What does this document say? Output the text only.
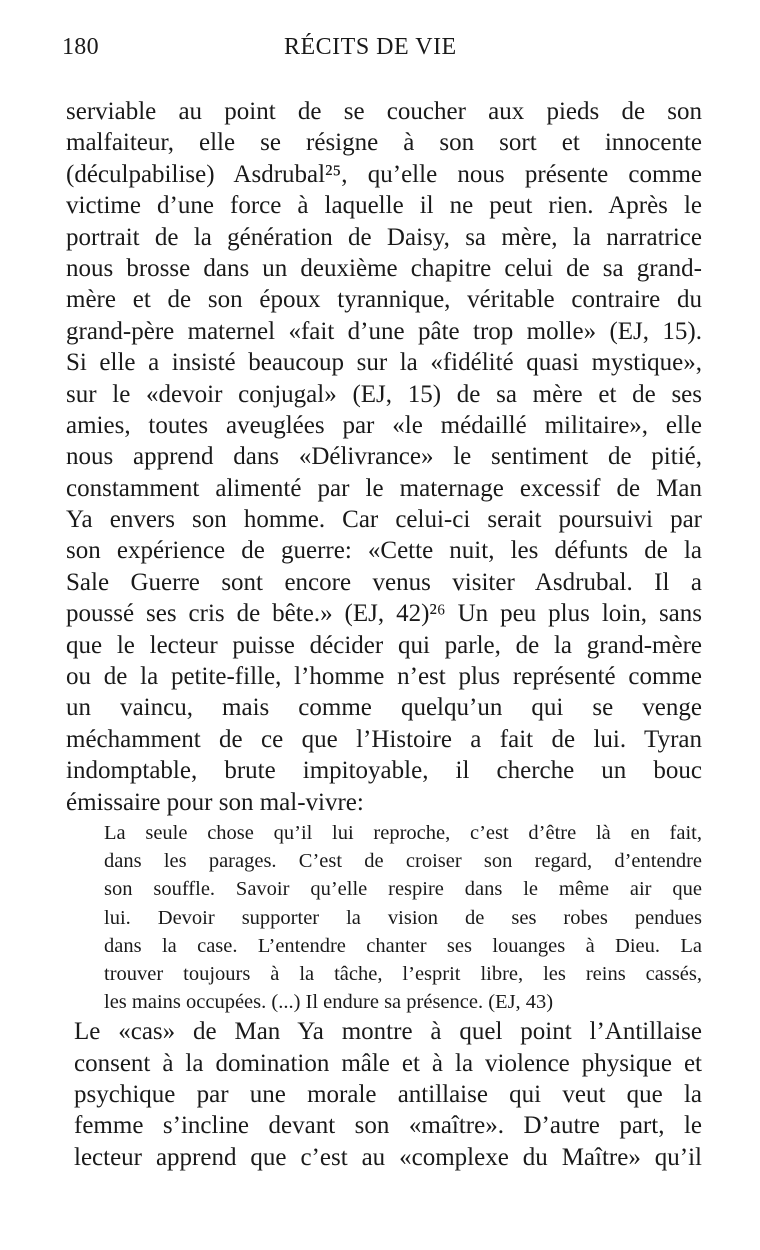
180	RÉCITS DE VIE
serviable au point de se coucher aux pieds de son
malfaiteur, elle se résigne à son sort et innocente
(déculpabilise) Asdrubal²⁵, qu’elle nous présente comme
victime d’une force à laquelle il ne peut rien. Après le
portrait de la génération de Daisy, sa mère, la narratrice
nous brosse dans un deuxième chapitre celui de sa grand-
mère et de son époux tyrannique, véritable contraire du
grand-père maternel «fait d’une pâte trop molle» (EJ, 15).
Si elle a insisté beaucoup sur la «fidélité quasi mystique»,
sur le «devoir conjugal» (EJ, 15) de sa mère et de ses
amies, toutes aveuglées par «le médaillé militaire», elle
nous apprend dans «Délivrance» le sentiment de pitié,
constamment alimenté par le maternage excessif de Man
Ya envers son homme. Car celui-ci serait poursuivi par
son expérience de guerre: «Cette nuit, les défunts de la
Sale Guerre sont encore venus visiter Asdrubal. Il a
poussé ses cris de bête.» (EJ, 42)²⁶ Un peu plus loin, sans
que le lecteur puisse décider qui parle, de la grand-mère
ou de la petite-fille, l’homme n’est plus représenté comme
un vaincu, mais comme quelqu’un qui se venge
méchamment de ce que l’Histoire a fait de lui. Tyran
indomptable, brute impitoyable, il cherche un bouc
émissaire pour son mal-vivre:
La seule chose qu’il lui reproche, c’est d’être là en fait,
dans les parages. C’est de croiser son regard, d’entendre
son souffle. Savoir qu’elle respire dans le même air que
lui. Devoir supporter la vision de ses robes pendues
dans la case. L’entendre chanter ses louanges à Dieu. La
trouver toujours à la tâche, l’esprit libre, les reins cassés,
les mains occupées. (...) Il endure sa présence. (EJ, 43)
Le «cas» de Man Ya montre à quel point l’Antillaise
consent à la domination mâle et à la violence physique et
psychique par une morale antillaise qui veut que la
femme s’incline devant son «maître». D’autre part, le
lecteur apprend que c’est au «complexe du Maître» qu’il
